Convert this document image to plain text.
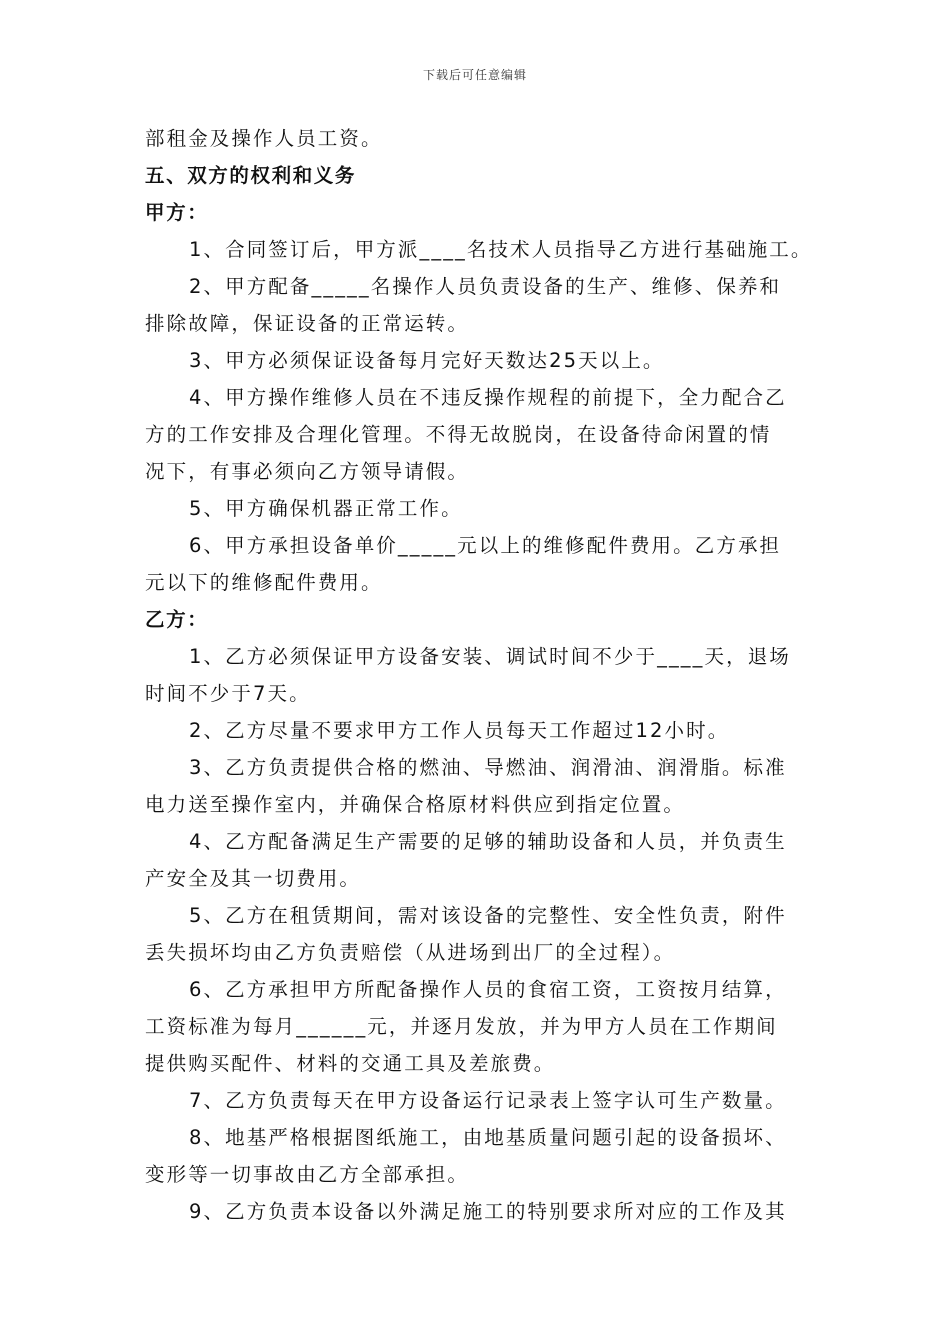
下载后可任意编辑
部租金及操作人员工资。
五、双方的权利和义务
甲方：
1、合同签订后，甲方派____名技术人员指导乙方进行基础施工。
2、甲方配备_____名操作人员负责设备的生产、维修、保养和
排除故障，保证设备的正常运转。
3、甲方必须保证设备每月完好天数达25天以上。
4、甲方操作维修人员在不违反操作规程的前提下，全力配合乙
方的工作安排及合理化管理。不得无故脱岗，在设备待命闲置的情
况下，有事必须向乙方领导请假。
5、甲方确保机器正常工作。
6、甲方承担设备单价_____元以上的维修配件费用。乙方承担
元以下的维修配件费用。
乙方：
1、乙方必须保证甲方设备安装、调试时间不少于____天，退场
时间不少于7天。
2、乙方尽量不要求甲方工作人员每天工作超过12小时。
3、乙方负责提供合格的燃油、导燃油、润滑油、润滑脂。标准
电力送至操作室内，并确保合格原材料供应到指定位置。
4、乙方配备满足生产需要的足够的辅助设备和人员，并负责生
产安全及其一切费用。
5、乙方在租赁期间，需对该设备的完整性、安全性负责，附件
丢失损坏均由乙方负责赔偿（从进场到出厂的全过程）。
6、乙方承担甲方所配备操作人员的食宿工资，工资按月结算，
工资标准为每月______元，并逐月发放，并为甲方人员在工作期间
提供购买配件、材料的交通工具及差旅费。
7、乙方负责每天在甲方设备运行记录表上签字认可生产数量。
8、地基严格根据图纸施工，由地基质量问题引起的设备损坏、
变形等一切事故由乙方全部承担。
9、乙方负责本设备以外满足施工的特别要求所对应的工作及其
